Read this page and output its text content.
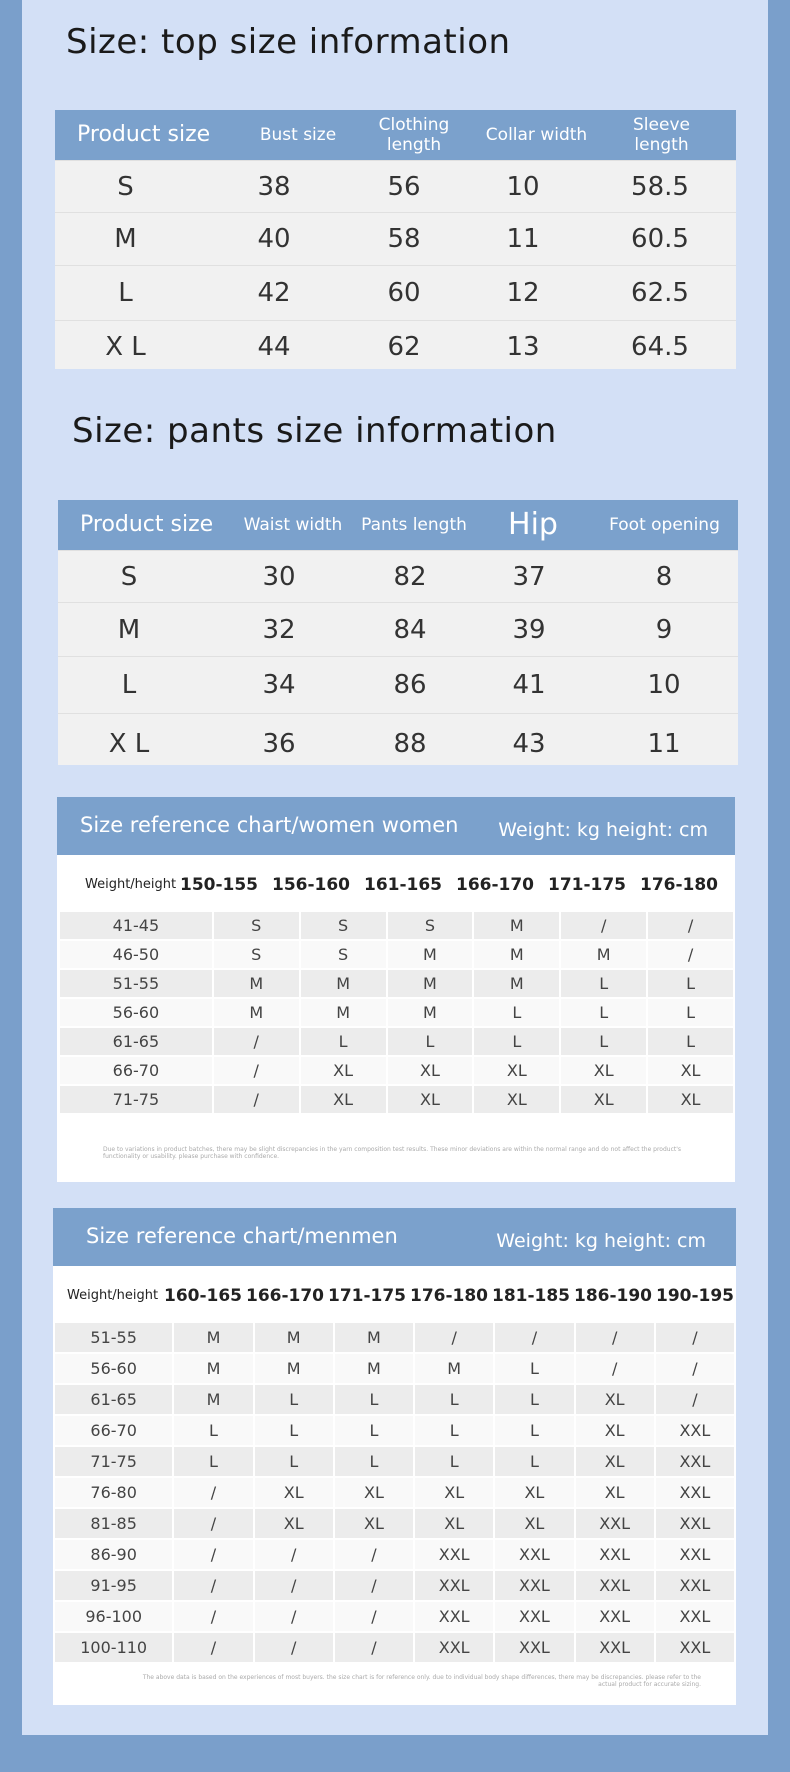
Size: top size information
Product size	Bust size	Clothing length	Collar width	Sleeve length
S	38	56	10	58.5
M	40	58	11	60.5
L	42	60	12	62.5
X L	44	62	13	64.5
Size: pants size information
Product size	Waist width	Pants length	Hip	Foot opening
S	30	82	37	8
M	32	84	39	9
L	34	86	41	10
X L	36	88	43	11
Size reference chart/women women Weight: kg height: cm
Weight/height 150-155 156-160 161-165 166-170 171-175 176-180
41-45	S	S	S	M	/	/
46-50	S	S	M	M	M	/
51-55	M	M	M	M	L	L
56-60	M	M	M	L	L	L
61-65	/	L	L	L	L	L
66-70	/	XL	XL	XL	XL	XL
71-75	/	XL	XL	XL	XL	XL
Due to variations in product batches, there may be slight discrepancies in the yarn composition test results. These minor deviations are within the normal range and do not affect the product's functionality or usability. please purchase with confidence.
Size reference chart/menmen	Weight: kg height: cm
Weight/height 160-165 166-170 171-175 176-180 181-185 186-190 190-195
51-55	M	M	M	/	/	/	/
56-60	M	M	M	M	L	/	/
61-65	M	L	L	L	L	XL	/
66-70	L	L	L	L	L	XL	XXL
71-75	L	L	L	L	L	XL	XXL
76-80	/	XL	XL	XL	XL	XL	XXL
81-85	/	XL	XL	XL	XL	XXL	XXL
86-90	/	/	/	XXL	XXL	XXL	XXL
91-95	/	/	/	XXL	XXL	XXL	XXL
96-100	/	/	/	XXL	XXL	XXL	XXL
100-110	/	/	/	XXL	XXL	XXL	XXL
The above data is based on the experiences of most buyers. the size chart is for reference only. due to individual body shape differences, there may be discrepancies. please refer to the
actual product for accurate sizing.
